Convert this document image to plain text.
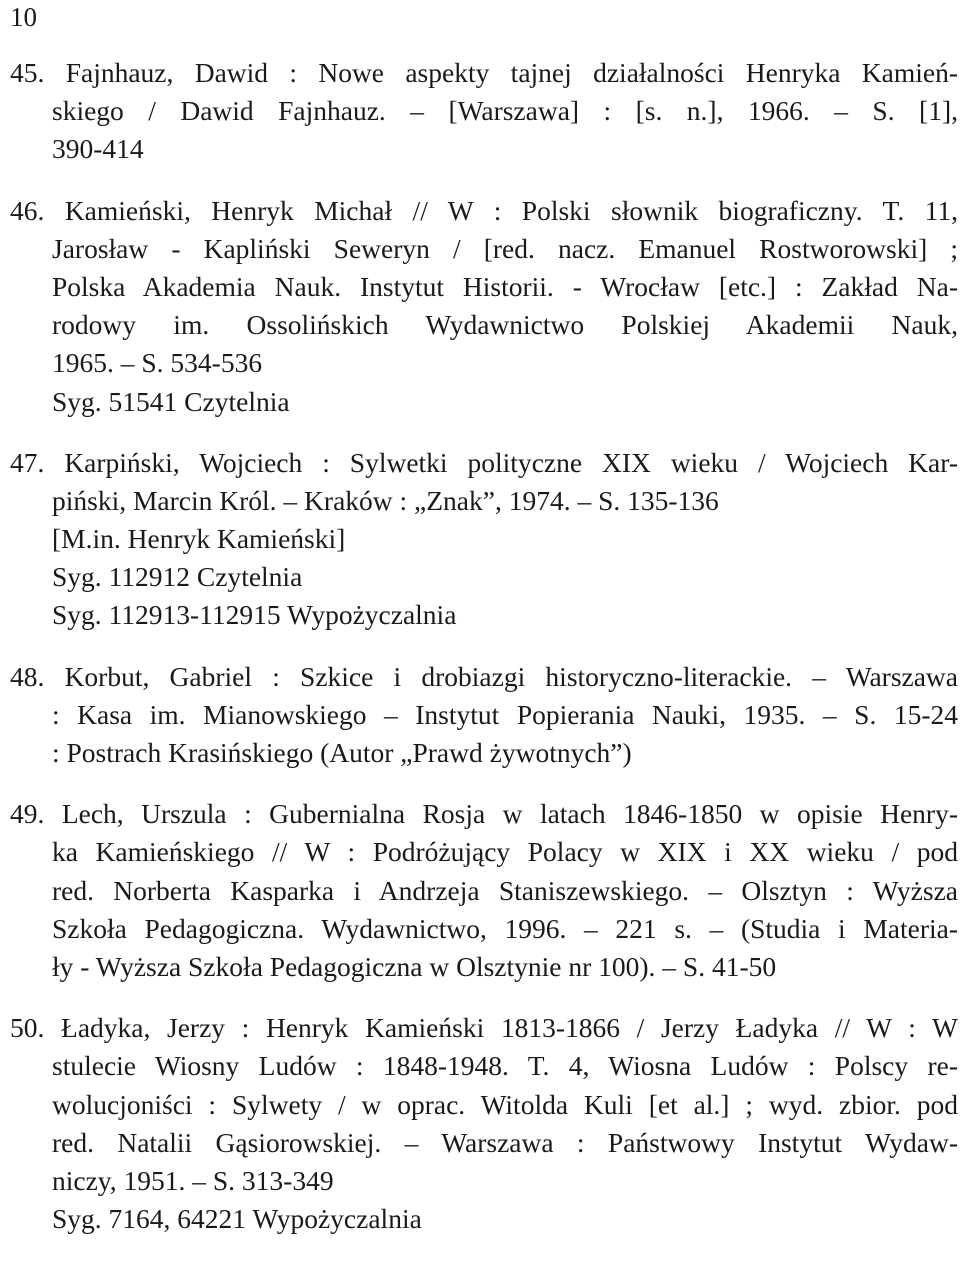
10
45. Fajnhauz, Dawid : Nowe aspekty tajnej działalności Henryka Kamień-
skiego / Dawid Fajnhauz. – [Warszawa] : [s. n.], 1966. – S. [1],
390-414
46. Kamieński, Henryk Michał // W : Polski słownik biograficzny. T. 11,
Jarosław - Kapliński Seweryn / [red. nacz. Emanuel Rostworowski] ;
Polska Akademia Nauk. Instytut Historii. - Wrocław [etc.] : Zakład Na-
rodowy im. Ossolińskich Wydawnictwo Polskiej Akademii Nauk,
1965. – S. 534-536
Syg. 51541 Czytelnia
47. Karpiński, Wojciech : Sylwetki polityczne XIX wieku / Wojciech Kar-
piński, Marcin Król. – Kraków : „Znak”, 1974. – S. 135-136
[M.in. Henryk Kamieński]
Syg. 112912 Czytelnia
Syg. 112913-112915 Wypożyczalnia
48. Korbut, Gabriel : Szkice i drobiazgi historyczno-literackie. – Warszawa
: Kasa im. Mianowskiego – Instytut Popierania Nauki, 1935. – S. 15-24
: Postrach Krasińskiego (Autor „Prawd żywotnych”)
49. Lech, Urszula : Gubernialna Rosja w latach 1846-1850 w opisie Henry-
ka Kamieńskiego // W : Podróżujący Polacy w XIX i XX wieku / pod
red. Norberta Kasparka i Andrzeja Staniszewskiego. – Olsztyn : Wyższa
Szkoła Pedagogiczna. Wydawnictwo, 1996. – 221 s. – (Studia i Materia-
ły - Wyższa Szkoła Pedagogiczna w Olsztynie nr 100). – S. 41-50
50. Ładyka, Jerzy : Henryk Kamieński 1813-1866 / Jerzy Ładyka // W : W
stulecie Wiosny Ludów : 1848-1948. T. 4, Wiosna Ludów : Polscy re-
wolucjoniści : Sylwety / w oprac. Witolda Kuli [et al.] ; wyd. zbior. pod
red. Natalii Gąsiorowskiej. – Warszawa : Państwowy Instytut Wydaw-
niczy, 1951. – S. 313-349
Syg. 7164, 64221 Wypożyczalnia
